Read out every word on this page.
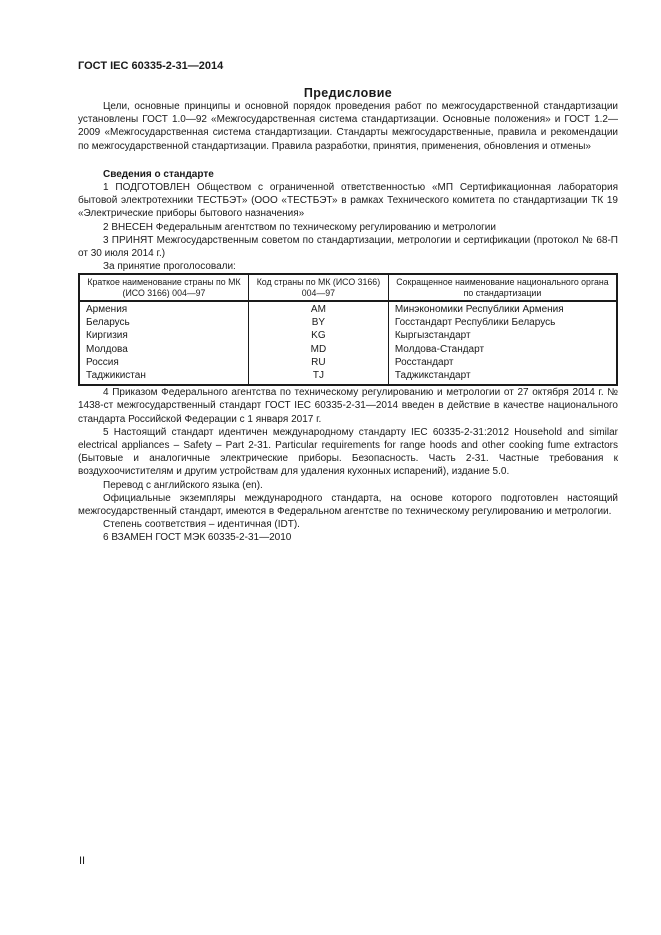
ГОСТ IEC 60335-2-31—2014

Предисловие

Цели, основные принципы и основной порядок проведения работ по межгосударственной стандартизации установлены ГОСТ 1.0—92 «Межгосударственная система стандартизации. Основные положения» и ГОСТ 1.2—2009 «Межгосударственная система стандартизации. Стандарты межгосударственные, правила и рекомендации по межгосударственной стандартизации. Правила разработки, принятия, применения, обновления и отмены»

Сведения о стандарте

1 ПОДГОТОВЛЕН Обществом с ограниченной ответственностью «МП Сертификационная лаборатория бытовой электротехники ТЕСТБЭТ» (ООО «ТЕСТБЭТ» в рамках Технического комитета по стандартизации ТК 19 «Электрические приборы бытового назначения»

2 ВНЕСЕН Федеральным агентством по техническому регулированию и метрологии

3 ПРИНЯТ Межгосударственным советом по стандартизации, метрологии и сертификации (протокол № 68-П от 30 июля 2014 г.)

За принятие проголосовали:

Краткое наименование страны по МК (ИСО 3166) 004—97	Код страны по МК (ИСО 3166) 004—97	Сокращенное наименование национального органа по стандартизации
Армения	AM	Минэкономики Республики Армения
Беларусь	BY	Госстандарт Республики Беларусь
Киргизия	KG	Кыргызстандарт
Молдова	MD	Молдова-Стандарт
Россия	RU	Росстандарт
Таджикистан	TJ	Таджикстандарт

4 Приказом Федерального агентства по техническому регулированию и метрологии от 27 октября 2014 г. № 1438-ст межгосударственный стандарт ГОСТ IEC 60335-2-31—2014 введен в действие в качестве национального стандарта Российской Федерации с 1 января 2017 г.

5 Настоящий стандарт идентичен международному стандарту IEC 60335-2-31:2012 Household and similar electrical appliances – Safety – Part 2-31. Particular requirements for range hoods and other cooking fume extractors (Бытовые и аналогичные электрические приборы. Безопасность. Часть 2-31. Частные требования к воздухоочистителям и другим устройствам для удаления кухонных испарений), издание 5.0.

Перевод с английского языка (en).

Официальные экземпляры международного стандарта, на основе которого подготовлен настоящий межгосударственный стандарт, имеются в Федеральном агентстве по техническому регулированию и метрологии.

Степень соответствия – идентичная (IDT).

6 ВЗАМЕН ГОСТ МЭК 60335-2-31—2010

II
